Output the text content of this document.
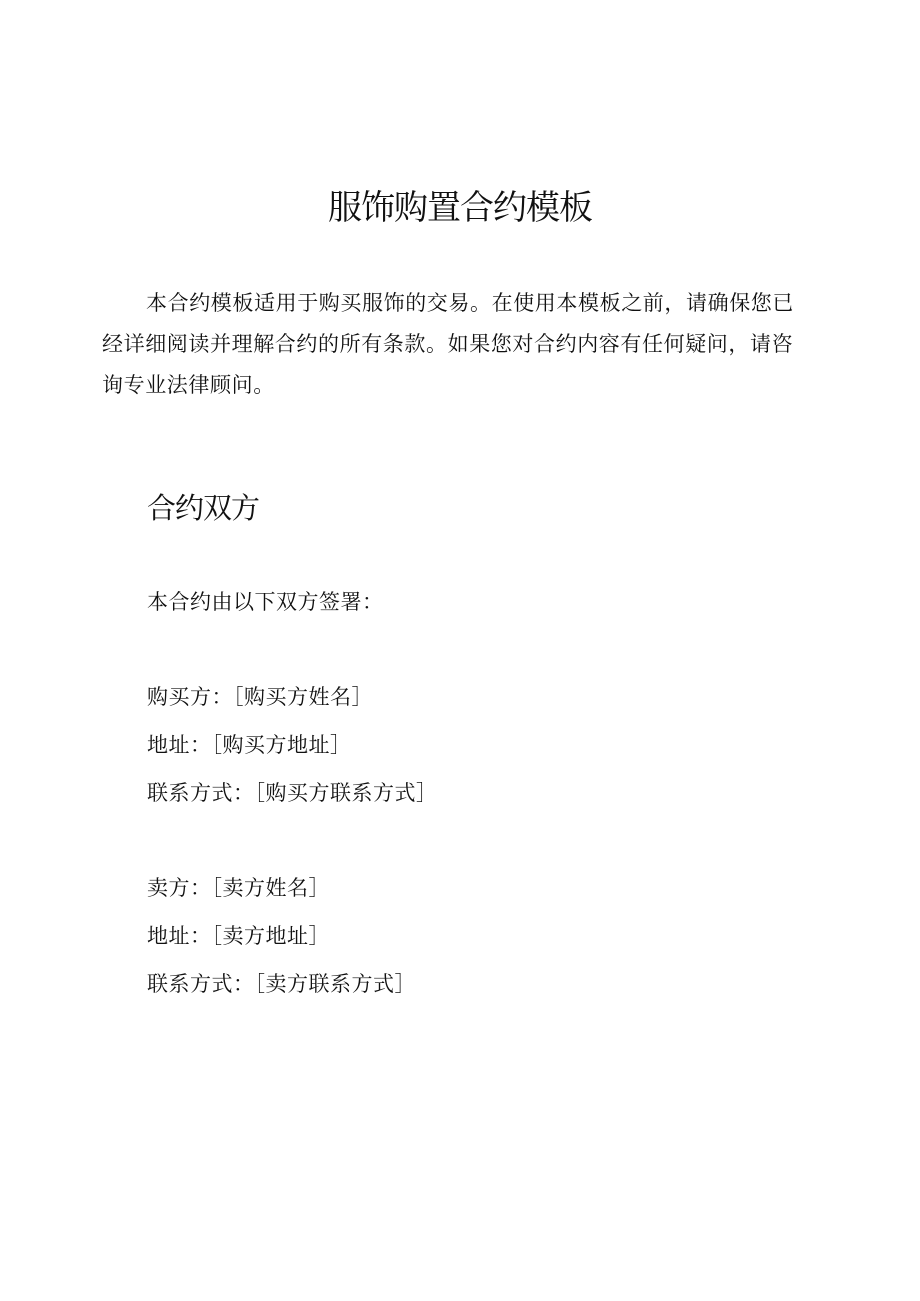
服饰购置合约模板

本合约模板适用于购买服饰的交易。在使用本模板之前，请确保您已经详细阅读并理解合约的所有条款。如果您对合约内容有任何疑问，请咨询专业法律顾问。

合约双方

本合约由以下双方签署：

购买方：［购买方姓名］

地址：［购买方地址］

联系方式：［购买方联系方式］

卖方：［卖方姓名］

地址：［卖方地址］

联系方式：［卖方联系方式］
